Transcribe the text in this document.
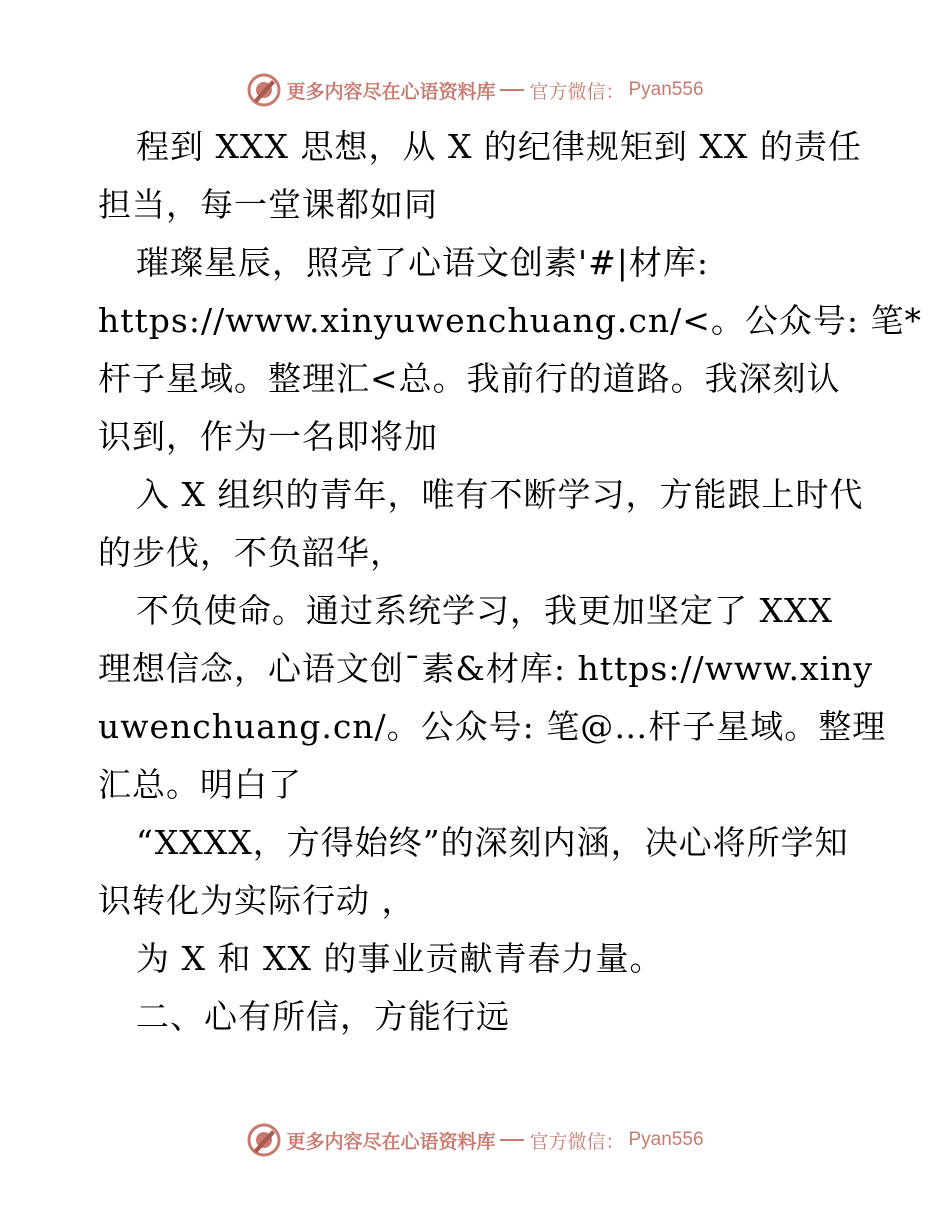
更多内容尽在心语资料库 官方微信： Pyan556
程到 XXX 思想，从 X 的纪律规矩到 XX 的责任
担当，每一堂课都如同
璀璨星辰，照亮了心语文创素'#|材库:
https://www.xinyuwenchuang.cn/<。公众号: 笔*
杆子星域。整理汇<总。我前行的道路。我深刻认
识到，作为一名即将加
入 X 组织的青年，唯有不断学习，方能跟上时代
的步伐，不负韶华，
不负使命。通过系统学习，我更加坚定了 XXX
理想信念，心语文创¯素&材库: https://www.xiny
uwenchuang.cn/。公众号: 笔@…杆子星域。整理
汇总。明白了
“XXXX，方得始终”的深刻内涵，决心将所学知
识转化为实际行动 ，
为 X 和 XX 的事业贡献青春力量。
二、心有所信，方能行远
更多内容尽在心语资料库 官方微信： Pyan556
